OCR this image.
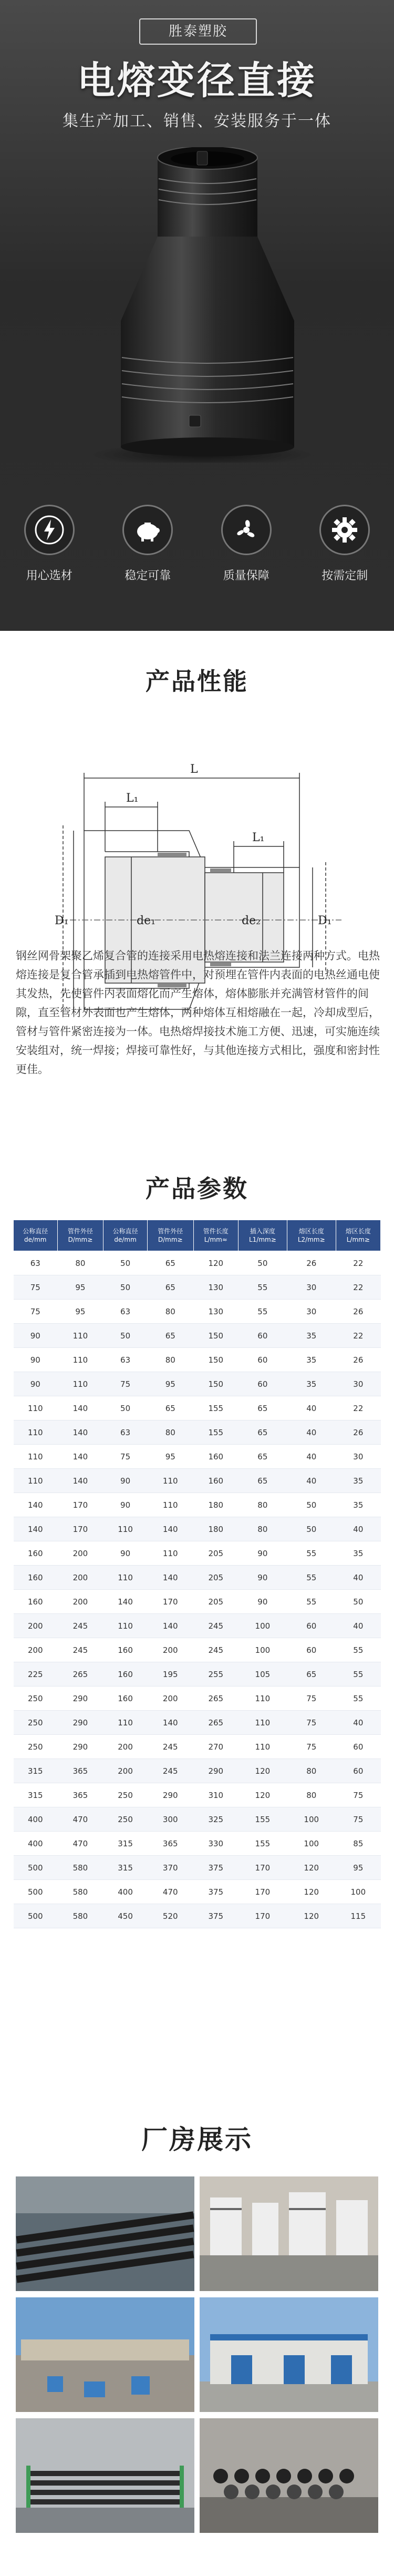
胜泰塑胶
电熔变径直接
集生产加工、销售、安装服务于一体
用心选材	稳定可靠	质量保障	按需定制
产品性能
L
L₁
L₁
D₁	de₁	de₂	D₁

钢丝网骨架聚乙烯复合管的连接采用电热熔连接和法兰连接两种方式。电热熔连接是复合管承插到电热熔管件中，对预埋在管件内表面的电热丝通电使其发热，先使管件内表面熔化而产生熔体，熔体膨胀并充满管材管件的间隙，直至管材外表面也产生熔体，两种熔体互相熔融在一起，冷却成型后，管材与管件紧密连接为一体。电热熔焊接技术施工方便、迅速，可实施连续安装组对，统一焊接；焊接可靠性好，与其他连接方式相比，强度和密封性更佳。

产品参数
公称直径 de/mm	管件外径 D/mm≥	公称直径 de/mm	管件外径 D/mm≥	管件长度 L/mm≈	插入深度 L1/mm≥	熔区长度 L2/mm≥	熔区长度 L/mm≥
63	80	50	65	120	50	26	22
75	95	50	65	130	55	30	22
75	95	63	80	130	55	30	26
90	110	50	65	150	60	35	22
90	110	63	80	150	60	35	26
90	110	75	95	150	60	35	30
110	140	50	65	155	65	40	22
110	140	63	80	155	65	40	26
110	140	75	95	160	65	40	30
110	140	90	110	160	65	40	35
140	170	90	110	180	80	50	35
140	170	110	140	180	80	50	40
160	200	90	110	205	90	55	35
160	200	110	140	205	90	55	40
160	200	140	170	205	90	55	50
200	245	110	140	245	100	60	40
200	245	160	200	245	100	60	55
225	265	160	195	255	105	65	55
250	290	160	200	265	110	75	55
250	290	110	140	265	110	75	40
250	290	200	245	270	110	75	60
315	365	200	245	290	120	80	60
315	365	250	290	310	120	80	75
400	470	250	300	325	155	100	75
400	470	315	365	330	155	100	85
500	580	315	370	375	170	120	95
500	580	400	470	375	170	120	100
500	580	450	520	375	170	120	115
厂房展示
